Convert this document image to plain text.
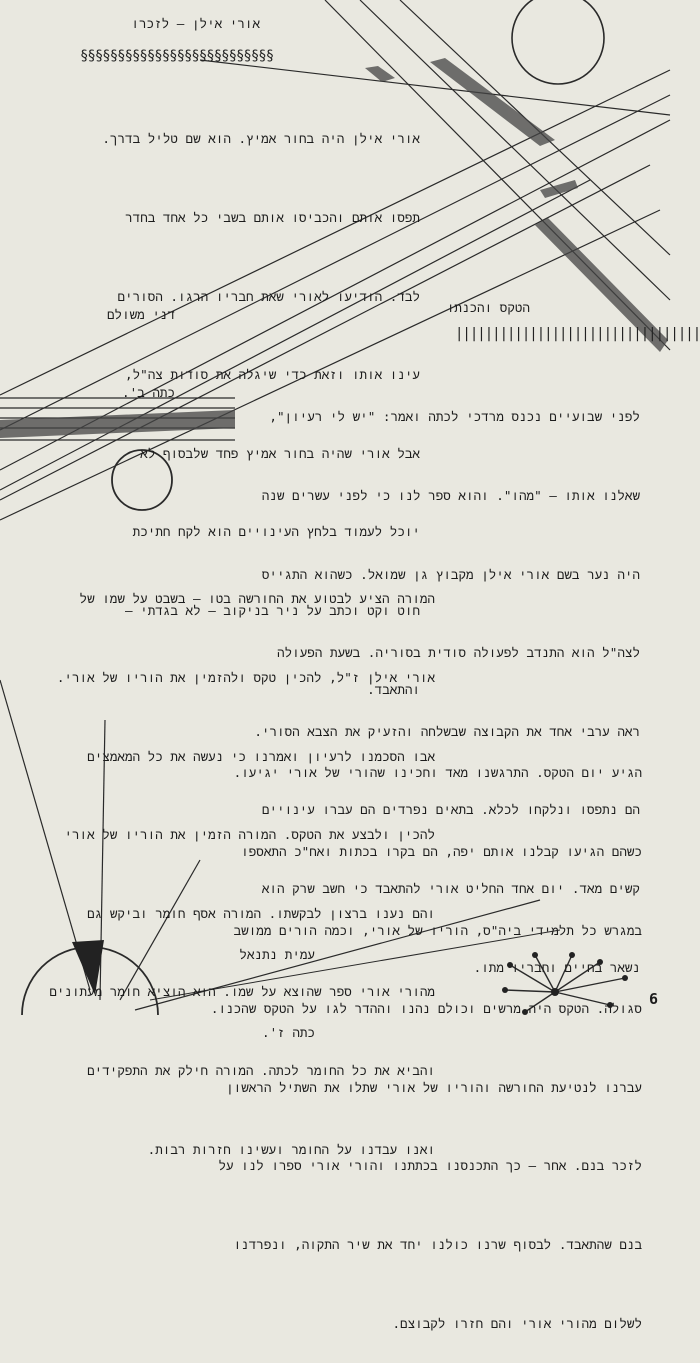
אורי אילן – לזכרו
§§§§§§§§§§§§§§§§§§§§§§§§§§

אורי אילן היה בחור אמיץ. הוא שם טליל בדרך.

תפסו אותם והכביסו אותם בשבי כל אחד בחדר

לבד. הודיעו לאורי שאת חבריו הרגו. הסורים

עינו אותו וזאת כדי שיגלה את סודות צה"ל,

אבל אורי שהיה בחור אמיץ פחד שלבסוף לא

יוכל לעמוד בלחץ העינויים הוא לקח חתיכת

חוט וקט וכתב על ניר בניקוב – לא בגדתי –

והתאבד.

דני משולם

כתה ב'.

הטקס והכנתו
|||||||||||||||||||||||||||||||||

לפני שבועיים נכנס מרדכי לכתה ואמר: "יש לי רעיון",

שאלנו אותו – "מהו". והוא ספר לנו כי לפני עשרים שנה

היה נער בשם אורי אילן מקבוץ גן שמואל. כשהוא התגייס

לצה"ל הוא התנדב לפעולה סודית בסוריה. בשעת הפעולה

ראה ערבי אחד את הקבוצה שבשלחה והזעיק את הצבא הסורי.

הם נתפסו ונלקחו לכלא. בתאים נפרדים הם עברו עינויים

קשים מאד. יום אחד החליט אורי להתאבד כי חשב שרק הוא

נשאר בחיים וחבריו מתו.

המורה הציע לבטוע את החורשה בטו – בשבט על שמו של

אורי אילן ז"ל, להכין טקס ולהזמין את הוריו של אורי.

אבו הסכמנו לרעיון ואמרנו כי נעשה את כל המאמצים

להכין ולבצע את הטקס. המורה הזמין את הוריו של אורי

והם נענו ברצון לבקשתו. המורה אסף חומר וביקש גם

מהורי אורי ספר שהוצא על שמו. הוא הוציא חומר מעתונים

והביא את כל החומר לכתה. המורה חילק את התפקידים

ואנו עבדנו על החומר ועשינו חזרות רבות.

הגיע יום הטקס. התרגשנו מאד וחכינו שהורי של אורי יגיעו.

כשהם הגיעו קבלנו אותם יפה, הם בקרו בכתות ואח"כ התאספו

במגרש כל תלמידי ביה"ס, הוריו של אורי, וכמה הורים ממושב

סגולה. הטקס היה מרשים וכולם נהנו וההדר לגו על הטקס שהכנו.

עברנו לנטיעת החורשה והוריו של אורי שתלו את השתיל הראשון

לזכר בנם. אחר – כך התכנסנו בכתתנו והורי אורי ספרו לנו על

בנם שהתאבד. לבסוף שרנו כולנו יחד את שיר התקוה, ונפרדנו

לשלום מהורי אורי והם חזרו לקבוצם.

עמית נתנאל

כתה ז'.

6
